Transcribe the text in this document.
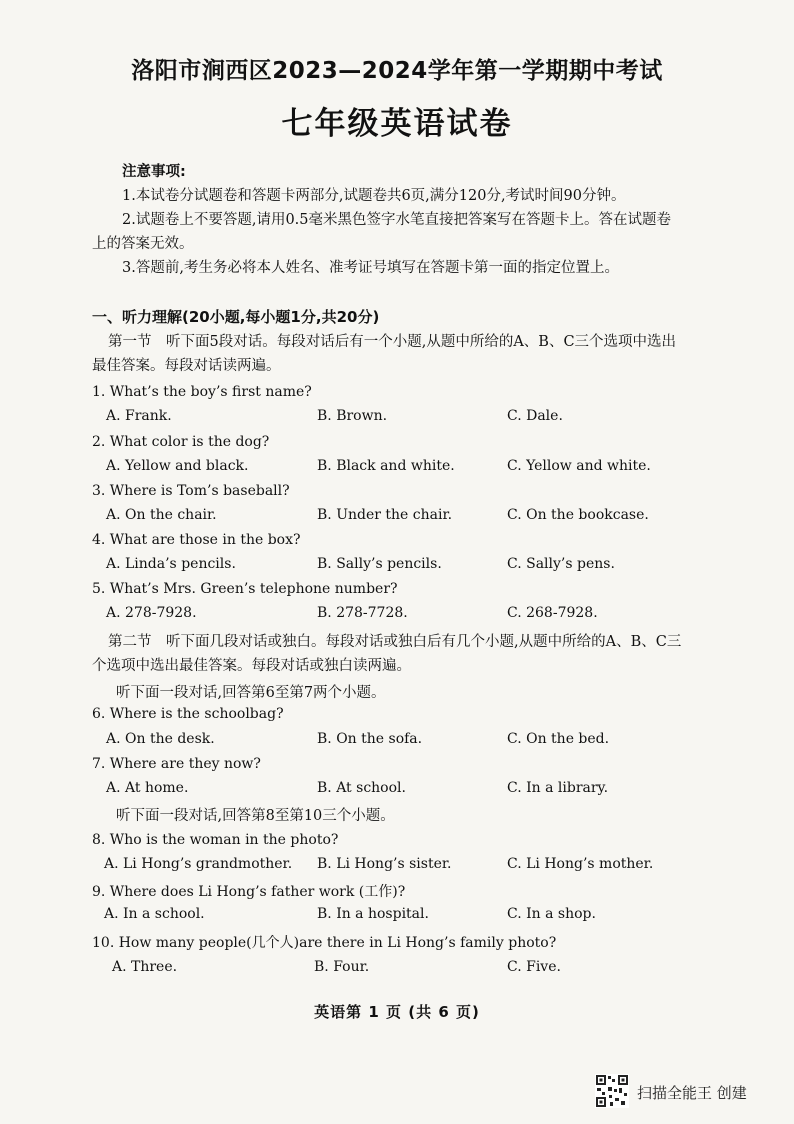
洛阳市涧西区2023—2024学年第一学期期中考试
七年级英语试卷
注意事项:
1.本试卷分试题卷和答题卡两部分,试题卷共6页,满分120分,考试时间90分钟。
2.试题卷上不要答题,请用0.5毫米黑色签字水笔直接把答案写在答题卡上。答在试题卷
上的答案无效。
3.答题前,考生务必将本人姓名、准考证号填写在答题卡第一面的指定位置上。
一、听力理解(20小题,每小题1分,共20分)
第一节　听下面5段对话。每段对话后有一个小题,从题中所给的A、B、C三个选项中选出
最佳答案。每段对话读两遍。
1. What’s the boy’s first name?
A. Frank.	B. Brown.	C. Dale.
2. What color is the dog?
A. Yellow and black.	B. Black and white.	C. Yellow and white.
3. Where is Tom’s baseball?
A. On the chair.	B. Under the chair.	C. On the bookcase.
4. What are those in the box?
A. Linda’s pencils.	B. Sally’s pencils.	C. Sally’s pens.
5. What’s Mrs. Green’s telephone number?
A. 278-7928.	B. 278-7728.	C. 268-7928.
第二节　听下面几段对话或独白。每段对话或独白后有几个小题,从题中所给的A、B、C三
个选项中选出最佳答案。每段对话或独白读两遍。
听下面一段对话,回答第6至第7两个小题。
6. Where is the schoolbag?
A. On the desk.	B. On the sofa.	C. On the bed.
7. Where are they now?
A. At home.	B. At school.	C. In a library.
听下面一段对话,回答第8至第10三个小题。
8. Who is the woman in the photo?
A. Li Hong’s grandmother. B. Li Hong’s sister.	C. Li Hong’s mother.
9. Where does Li Hong’s father work (工作)?
A. In a school.	B. In a hospital.	C. In a shop.
10. How many people(几个人)are there in Li Hong’s family photo?
A. Three.	B. Four.	C. Five.
英语第 1 页 (共 6 页)
扫描全能王 创建
